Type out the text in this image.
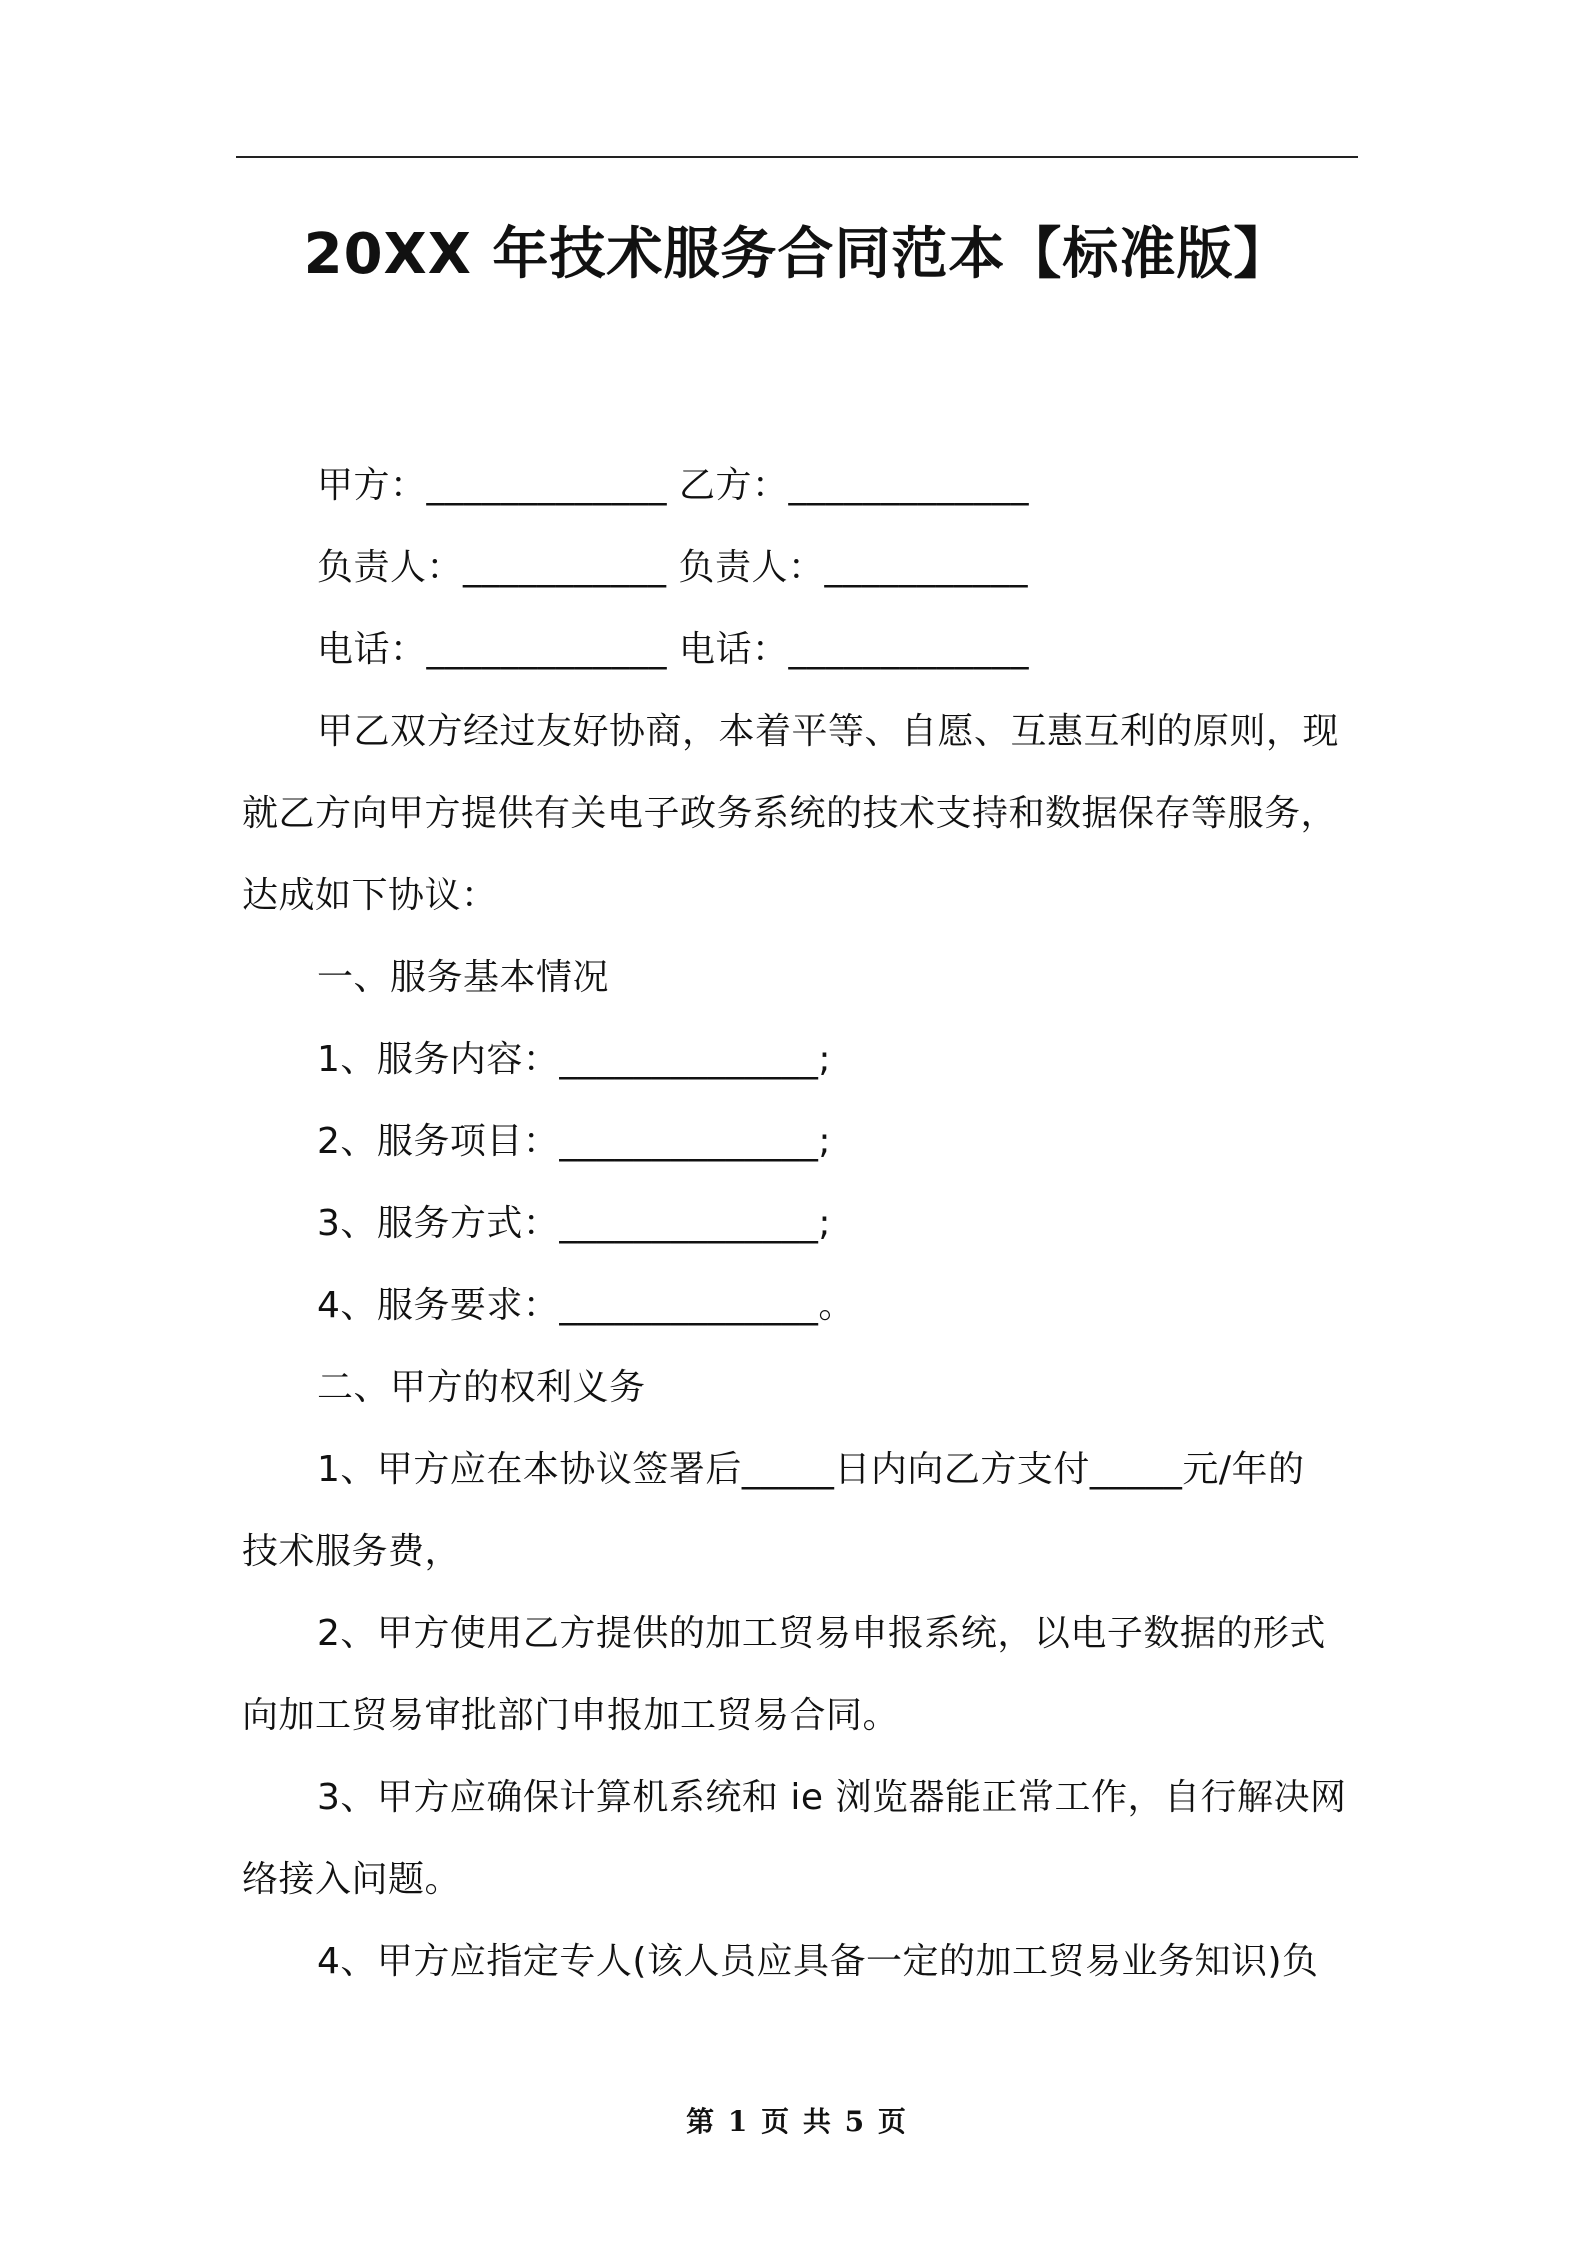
20XX 年技术服务合同范本【标准版】
甲方：_____________ 乙方：_____________
负责人：___________ 负责人：___________
电话：_____________ 电话：_____________
甲乙双方经过友好协商，本着平等、自愿、互惠互利的原则，现
就乙方向甲方提供有关电子政务系统的技术支持和数据保存等服务，
达成如下协议：
一、服务基本情况
1、服务内容：______________;
2、服务项目：______________;
3、服务方式：______________;
4、服务要求：______________。
二、甲方的权利义务
1、甲方应在本协议签署后_____日内向乙方支付_____元/年的
技术服务费，
2、甲方使用乙方提供的加工贸易申报系统，以电子数据的形式
向加工贸易审批部门申报加工贸易合同。
3、甲方应确保计算机系统和 ie 浏览器能正常工作，自行解决网
络接入问题。
4、甲方应指定专人(该人员应具备一定的加工贸易业务知识)负
第 1 页 共 5 页
